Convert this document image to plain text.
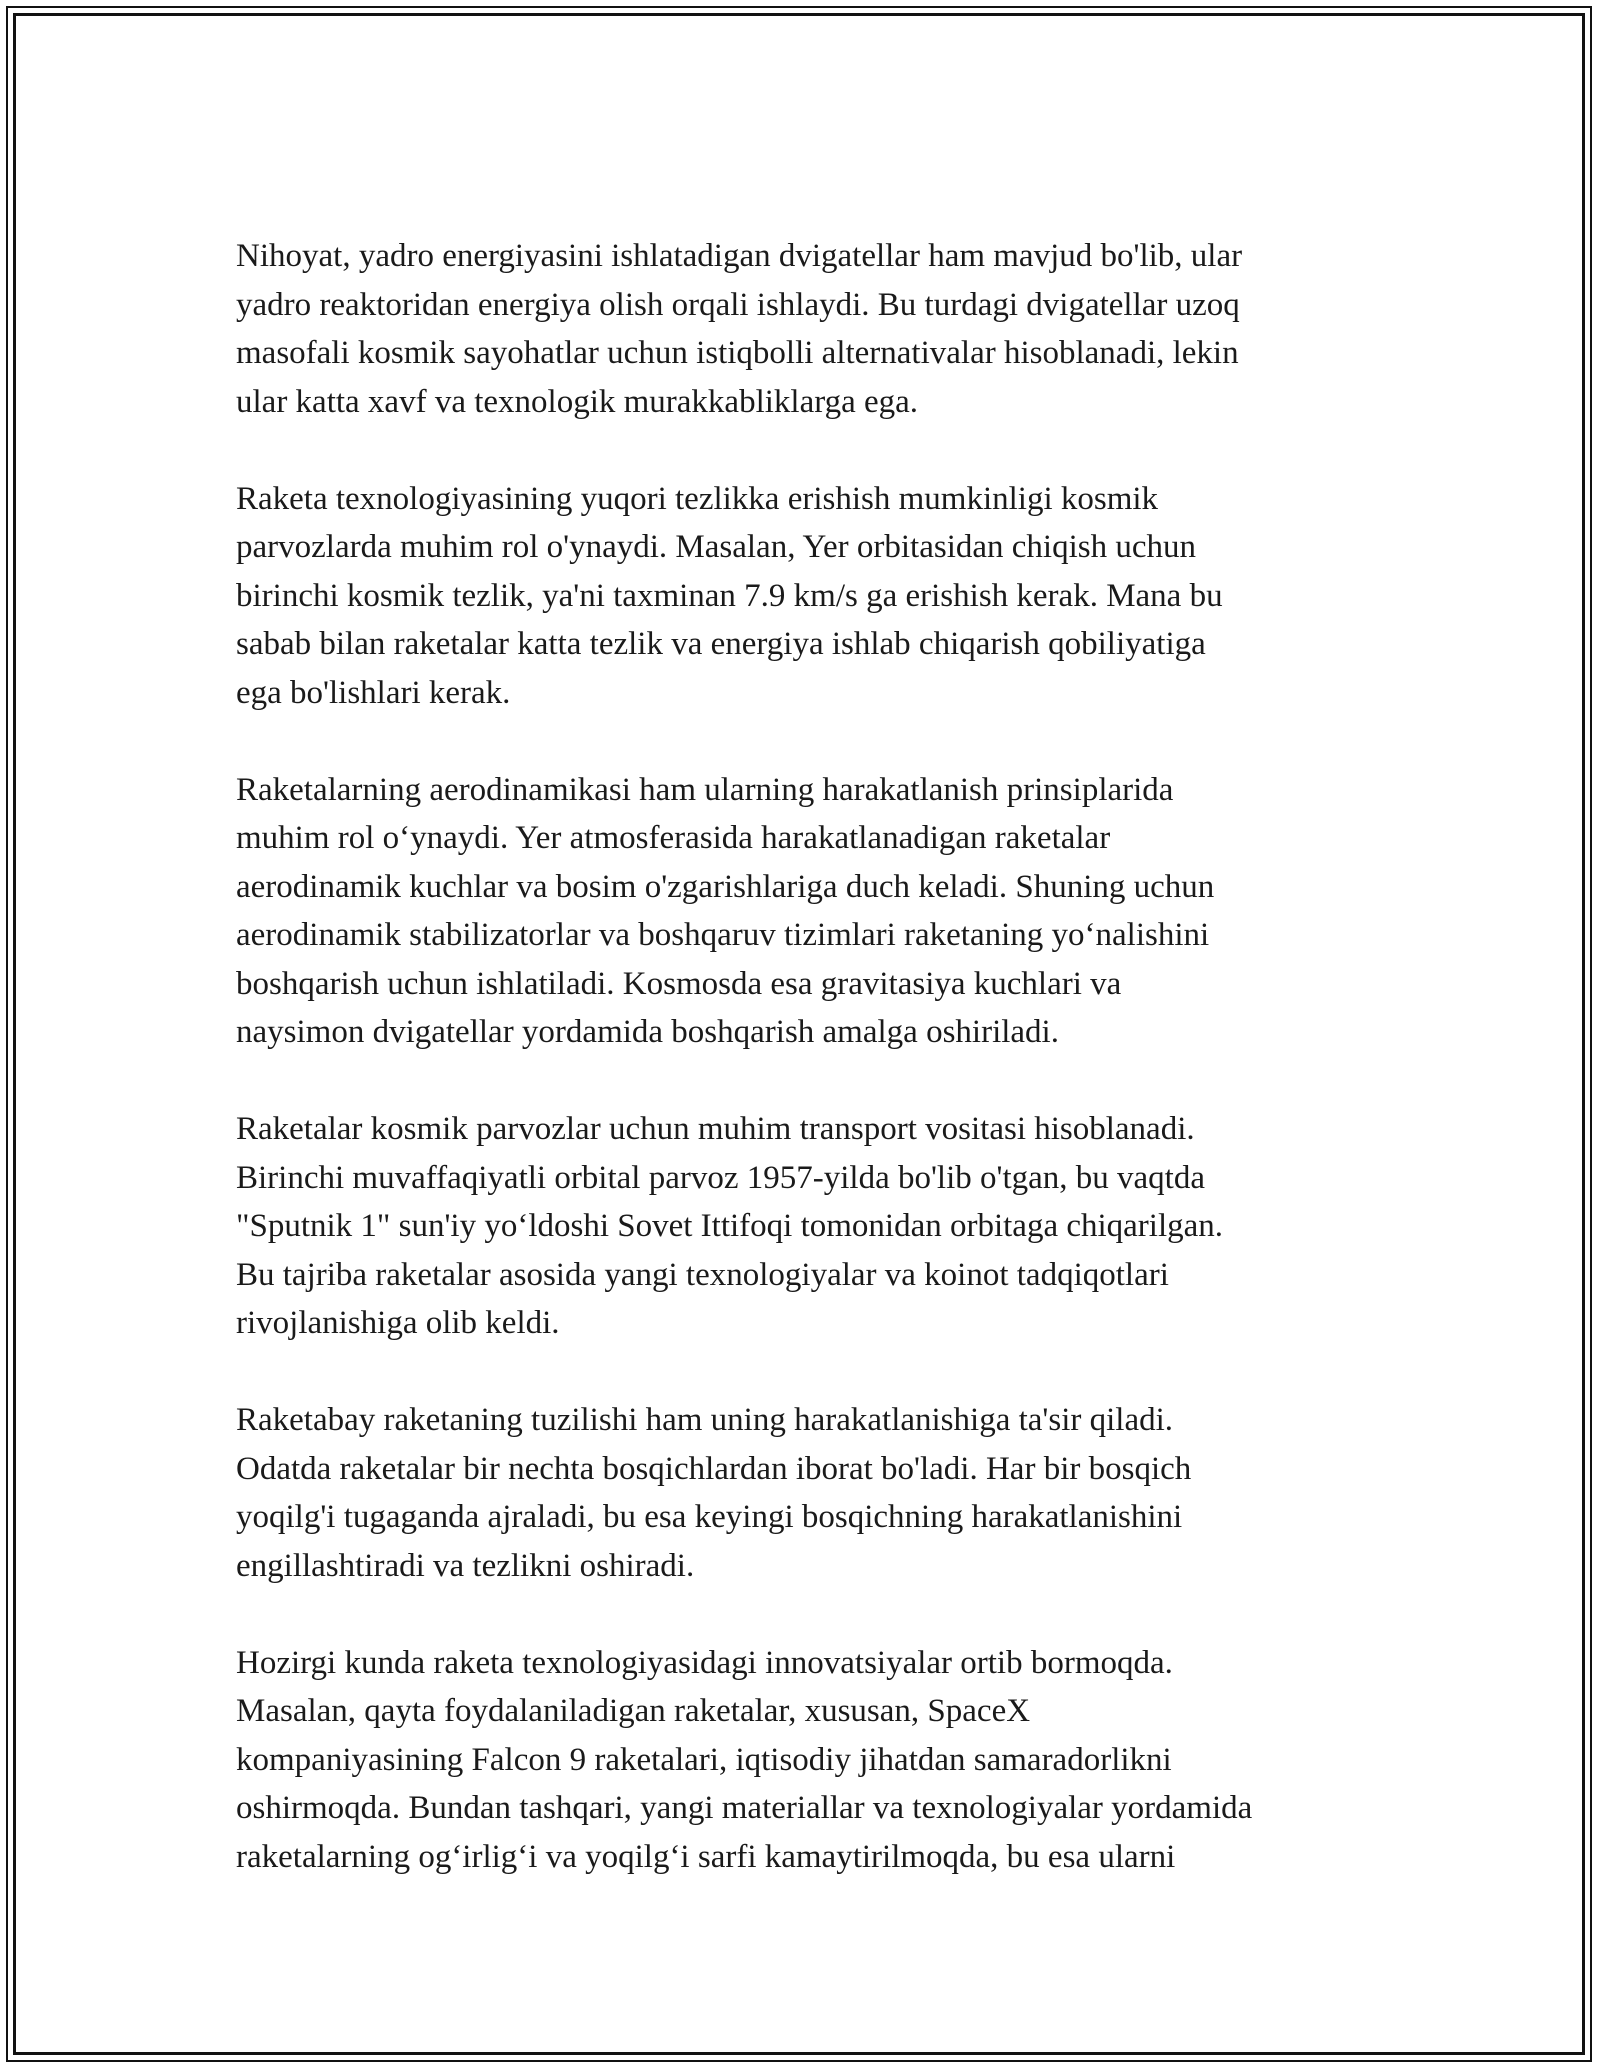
Nihoyat, yadro energiyasini ishlatadigan dvigatellar ham mavjud bo'lib, ular
yadro reaktoridan energiya olish orqali ishlaydi. Bu turdagi dvigatellar uzoq
masofali kosmik sayohatlar uchun istiqbolli alternativalar hisoblanadi, lekin
ular katta xavf va texnologik murakkabliklarga ega.

Raketa texnologiyasining yuqori tezlikka erishish mumkinligi kosmik
parvozlarda muhim rol o'ynaydi. Masalan, Yer orbitasidan chiqish uchun
birinchi kosmik tezlik, ya'ni taxminan 7.9 km/s ga erishish kerak. Mana bu
sabab bilan raketalar katta tezlik va energiya ishlab chiqarish qobiliyatiga
ega bo'lishlari kerak.

Raketalarning aerodinamikasi ham ularning harakatlanish prinsiplarida
muhim rol o‘ynaydi. Yer atmosferasida harakatlanadigan raketalar
aerodinamik kuchlar va bosim o'zgarishlariga duch keladi. Shuning uchun
aerodinamik stabilizatorlar va boshqaruv tizimlari raketaning yo‘nalishini
boshqarish uchun ishlatiladi. Kosmosda esa gravitasiya kuchlari va
naysimon dvigatellar yordamida boshqarish amalga oshiriladi.

Raketalar kosmik parvozlar uchun muhim transport vositasi hisoblanadi.
Birinchi muvaffaqiyatli orbital parvoz 1957-yilda bo'lib o'tgan, bu vaqtda
"Sputnik 1" sun'iy yo‘ldoshi Sovet Ittifoqi tomonidan orbitaga chiqarilgan.
Bu tajriba raketalar asosida yangi texnologiyalar va koinot tadqiqotlari
rivojlanishiga olib keldi.

Raketabay raketaning tuzilishi ham uning harakatlanishiga ta'sir qiladi.
Odatda raketalar bir nechta bosqichlardan iborat bo'ladi. Har bir bosqich
yoqilg'i tugaganda ajraladi, bu esa keyingi bosqichning harakatlanishini
engillashtiradi va tezlikni oshiradi.

Hozirgi kunda raketa texnologiyasidagi innovatsiyalar ortib bormoqda.
Masalan, qayta foydalaniladigan raketalar, xususan, SpaceX
kompaniyasining Falcon 9 raketalari, iqtisodiy jihatdan samaradorlikni
oshirmoqda. Bundan tashqari, yangi materiallar va texnologiyalar yordamida
raketalarning og‘irlig‘i va yoqilg‘i sarfi kamaytirilmoqda, bu esa ularni
